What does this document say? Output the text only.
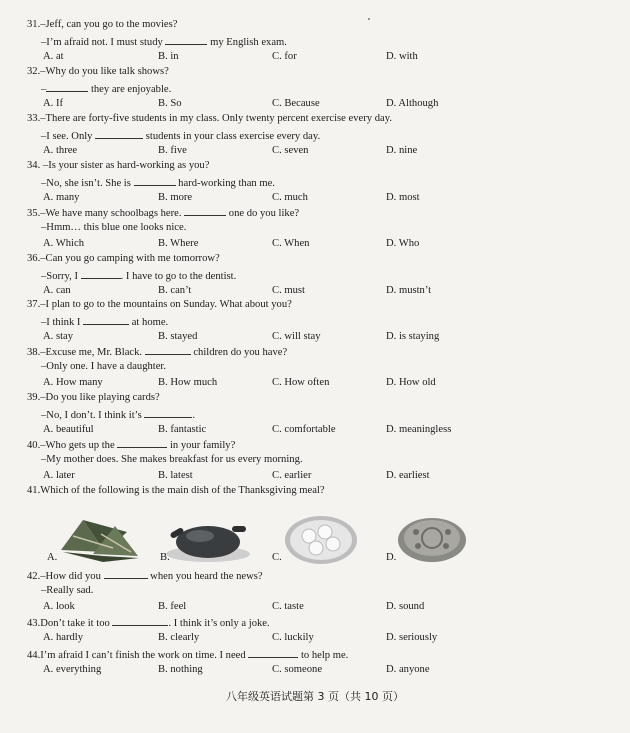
31.–Jeff, can you go to the movies?
–I’m afraid not. I must study	my English exam.
A. at	B. in	C. for	D. with
32.–Why do you like talk shows?
–	they are enjoyable.
A. If	B. So	C. Because	D. Although
33.–There are forty-five students in my class. Only twenty percent exercise every day.
–I see. Only	students in your class exercise every day.
A. three	B. five	C. seven	D. nine
34. –Is your sister as hard-working as you?
–No, she isn’t. She is	hard-working than me.
A. many	B. more	C. much	D. most
35.–We have many schoolbags here.	one do you like?
–Hmm… this blue one looks nice.
A. Which	B. Where	C. When	D. Who
36.–Can you go camping with me tomorrow?
–Sorry, I	. I have to go to the dentist.
A. can	B. can’t	C. must	D. mustn’t
37.–I plan to go to the mountains on Sunday. What about you?
–I think I	at home.
A. stay	B. stayed	C. will stay	D. is staying
38.–Excuse me, Mr. Black.	children do you have?
–Only one. I have a daughter.
A. How many	B. How much	C. How often	D. How old
39.–Do you like playing cards?
–No, I don’t. I think it’s	.
A. beautiful	B. fantastic	C. comfortable	D. meaningless
40.–Who gets up the	in your family?
–My mother does. She makes breakfast for us every morning.
A. later	B. latest	C. earlier	D. earliest
41.Which of the following is the main dish of the Thanksgiving meal?
42.–How did you	when you heard the news?
–Really sad.
A. look	B. feel	C. taste	D. sound
43.Don’t take it too	. I think it’s only a joke.
A. hardly	B. clearly	C. luckily	D. seriously
44.I’m afraid I can’t finish the work on time. I need	to help me.
A. everything	B. nothing	C. someone	D. anyone
A.	B.	C.	D.
八年级英语试题第 3 页（共 10 页）
